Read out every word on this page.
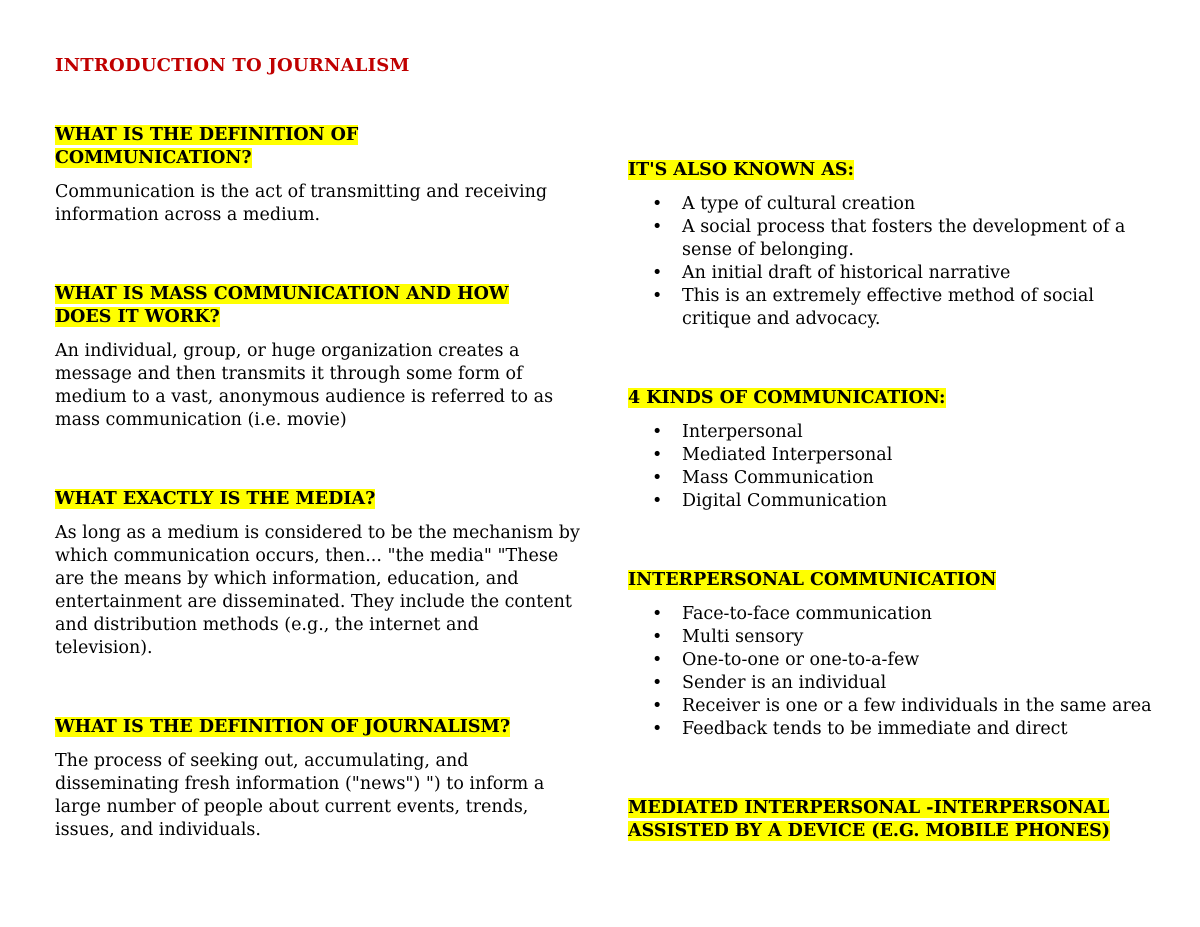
INTRODUCTION TO JOURNALISM
WHAT IS THE DEFINITION OF
COMMUNICATION?

Communication is the act of transmitting and receiving information across a medium.

WHAT IS MASS COMMUNICATION AND HOW
DOES IT WORK?

An individual, group, or huge organization creates a message and then transmits it through some form of medium to a vast, anonymous audience is referred to as mass communication (i.e. movie)

WHAT EXACTLY IS THE MEDIA?

As long as a medium is considered to be the mechanism by which communication occurs, then... "the media" "These are the means by which information, education, and entertainment are disseminated. They include the content and distribution methods (e.g., the internet and television).

WHAT IS THE DEFINITION OF JOURNALISM?

The process of seeking out, accumulating, and disseminating fresh information ("news") ") to inform a large number of people about current events, trends, issues, and individuals.

IT'S ALSO KNOWN AS:
• A type of cultural creation
• A social process that fosters the development of a sense of belonging.
• An initial draft of historical narrative
• This is an extremely effective method of social critique and advocacy.
4 KINDS OF COMMUNICATION:
• Interpersonal
• Mediated Interpersonal
• Mass Communication
• Digital Communication
INTERPERSONAL COMMUNICATION
• Face-to-face communication
• Multi sensory
• One-to-one or one-to-a-few
• Sender is an individual
• Receiver is one or a few individuals in the same area
• Feedback tends to be immediate and direct
MEDIATED INTERPERSONAL -INTERPERSONAL
ASSISTED BY A DEVICE (E.G. MOBILE PHONES)
